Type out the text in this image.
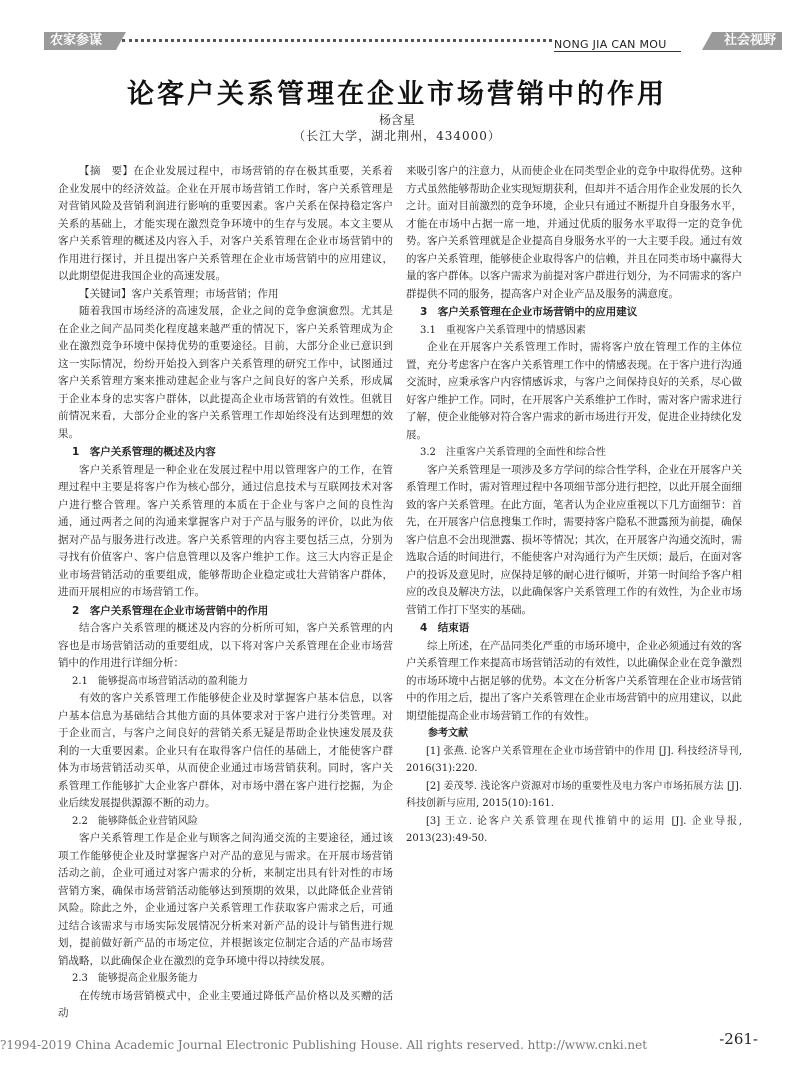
农家参谋	NONG JIA CAN MOU	社会视野
论客户关系管理在企业市场营销中的作用
杨含星
（长江大学，湖北荆州，434000）

【摘　要】在企业发展过程中，市场营销的存在极其重要，关系着企业发展中的经济效益。企业在开展市场营销工作时，客户关系管理是对营销风险及营销利润进行影响的重要因素。客户关系在保持稳定客户关系的基础上，才能实现在激烈竞争环境中的生存与发展。本文主要从客户关系管理的概述及内容入手，对客户关系管理在企业市场营销中的作用进行探讨，并且提出客户关系管理在企业市场营销中的应用建议，以此期望促进我国企业的高速发展。

【关键词】客户关系管理；市场营销；作用

随着我国市场经济的高速发展，企业之间的竞争愈演愈烈。尤其是在企业之间产品同类化程度越来越严重的情况下，客户关系管理成为企业在激烈竞争环境中保持优势的重要途径。目前，大部分企业已意识到这一实际情况，纷纷开始投入到客户关系管理的研究工作中，试图通过客户关系管理方案来推动建起企业与客户之间良好的客户关系，形成属于企业本身的忠实客户群体，以此提高企业市场营销的有效性。但就目前情况来看，大部分企业的客户关系管理工作却始终没有达到理想的效果。

1　客户关系管理的概述及内容

客户关系管理是一种企业在发展过程中用以管理客户的工作，在管理过程中主要是将客户作为核心部分，通过信息技术与互联网技术对客户进行整合管理。客户关系管理的本质在于企业与客户之间的良性沟通，通过两者之间的沟通来掌握客户对于产品与服务的评价，以此为依据对产品与服务进行改进。客户关系管理的内容主要包括三点，分别为寻找有价值客户、客户信息管理以及客户维护工作。这三大内容正是企业市场营销活动的重要组成，能够帮助企业稳定或壮大营销客户群体，进而开展相应的市场营销工作。

2　客户关系管理在企业市场营销中的作用

结合客户关系管理的概述及内容的分析所可知，客户关系管理的内容也是市场营销活动的重要组成，以下将对客户关系管理在企业市场营销中的作用进行详细分析：

2.1　能够提高市场营销活动的盈利能力

有效的客户关系管理工作能够使企业及时掌握客户基本信息，以客户基本信息为基础结合其他方面的具体要求对于客户进行分类管理。对于企业而言，与客户之间良好的营销关系无疑是帮助企业快速发展及获利的一大重要因素。企业只有在取得客户信任的基础上，才能使客户群体为市场营销活动买单，从而使企业通过市场营销获利。同时，客户关系管理工作能够扩大企业客户群体，对市场中潜在客户进行挖掘，为企业后续发展提供源源不断的动力。

2.2　能够降低企业营销风险

客户关系管理工作是企业与顾客之间沟通交流的主要途径，通过该项工作能够使企业及时掌握客户对产品的意见与需求。在开展市场营销活动之前，企业可通过对客户需求的分析，来制定出具有针对性的市场营销方案，确保市场营销活动能够达到预期的效果，以此降低企业营销风险。除此之外，企业通过客户关系管理工作获取客户需求之后，可通过结合该需求与市场实际发展情况分析来对新产品的设计与销售进行规划，提前做好新产品的市场定位，并根据该定位制定合适的产品市场营销战略，以此确保企业在激烈的竞争环境中得以持续发展。

2.3　能够提高企业服务能力

在传统市场营销模式中，企业主要通过降低产品价格以及买赠的活动

来吸引客户的注意力，从而使企业在同类型企业的竞争中取得优势。这种方式虽然能够帮助企业实现短期获利，但却并不适合用作企业发展的长久之计。面对目前激烈的竞争环境，企业只有通过不断提升自身服务水平，才能在市场中占据一席一地，并通过优质的服务水平取得一定的竞争优势。客户关系管理就是企业提高自身服务水平的一大主要手段。通过有效的客户关系管理，能够使企业取得客户的信赖，并且在同类市场中赢得大量的客户群体。以客户需求为前提对客户群进行划分，为不同需求的客户群提供不同的服务，提高客户对企业产品及服务的满意度。

3　客户关系管理在企业市场营销中的应用建议

3.1　重视客户关系管理中的情感因素

企业在开展客户关系管理工作时，需将客户放在管理工作的主体位置，充分考虑客户在客户关系管理工作中的情感表现。在于客户进行沟通交流时，应秉承客户内容情感诉求，与客户之间保持良好的关系，尽心做好客户维护工作。同时，在开展客户关系维护工作时，需对客户需求进行了解，使企业能够对符合客户需求的新市场进行开发，促进企业持续化发展。

3.2　注重客户关系管理的全面性和综合性

客户关系管理是一项涉及多方学问的综合性学科，企业在开展客户关系管理工作时，需对管理过程中各项细节部分进行把控，以此开展全面细致的客户关系管理。在此方面，笔者认为企业应重视以下几方面细节：首先，在开展客户信息搜集工作时，需要持客户隐私不泄露预为前提，确保客户信息不会出现泄露、损坏等情况；其次，在开展客户沟通交流时，需选取合适的时间进行，不能使客户对沟通行为产生厌烦；最后，在面对客户的投诉及意见时，应保持足够的耐心进行倾听，并第一时间给予客户相应的改良及解决方法，以此确保客户关系管理工作的有效性，为企业市场营销工作打下坚实的基础。

4　结束语

综上所述，在产品同类化严重的市场环境中，企业必须通过有效的客户关系管理工作来提高市场营销活动的有效性，以此确保企业在竞争激烈的市场环境中占据足够的优势。本文在分析客户关系管理在企业市场营销中的作用之后，提出了客户关系管理在企业市场营销中的应用建议，以此期望能提高企业市场营销工作的有效性。

参考文献

[1] 张燕. 论客户关系管理在企业市场营销中的作用 [J]. 科技经济导刊, 2016(31):220.

[2] 姜茂琴. 浅论客户资源对市场的重要性及电力客户市场拓展方法 [J]. 科技创新与应用, 2015(10):161.

[3] 王立. 论客户关系管理在现代推销中的运用 [J]. 企业导报, 2013(23):49-50.

?1994-2019 China Academic Journal Electronic Publishing House. All rights reserved. http://www.cnki.net	-261-
